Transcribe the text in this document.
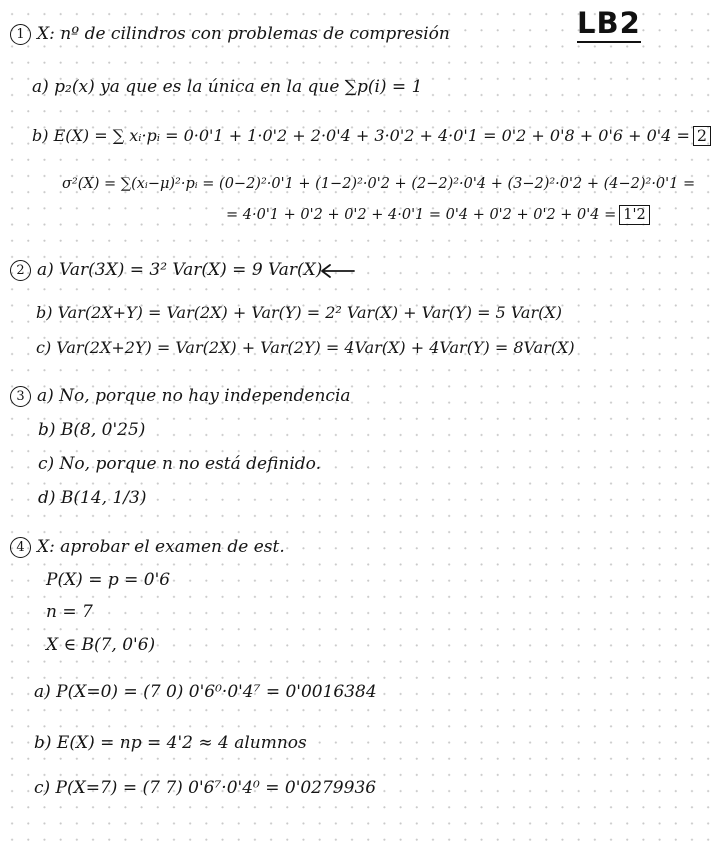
LB2
1 X: nº de cilindros con problemas de compresión
a) p₂(x) ya que es la única en la que ∑p(i) = 1
b) E(X) = ∑ xᵢ·pᵢ = 0·0'1 + 1·0'2 + 2·0'4 + 3·0'2 + 4·0'1 = 0'2 + 0'8 + 0'6 + 0'4 = 2
σ²(X) = ∑(xᵢ−μ)²·pᵢ = (0−2)²·0'1 + (1−2)²·0'2 + (2−2)²·0'4 + (3−2)²·0'2 + (4−2)²·0'1 =
= 4·0'1 + 0'2 + 0'2 + 4·0'1 = 0'4 + 0'2 + 0'2 + 0'4 = 1'2
2 a) Var(3X) = 3² Var(X) = 9 Var(X)
b) Var(2X+Y) = Var(2X) + Var(Y) = 2² Var(X) + Var(Y) = 5 Var(X)
c) Var(2X+2Y) = Var(2X) + Var(2Y) = 4Var(X) + 4Var(Y) = 8Var(X)
3 a) No, porque no hay independencia
b) B(8, 0'25)
c) No, porque n no está definido.
d) B(14, 1/3)
4 X: aprobar el examen de est.
P(X) = p = 0'6
n = 7
X ∈ B(7, 0'6)
a) P(X=0) = (7 0) 0'6⁰·0'4⁷ = 0'0016384
b) E(X) = np = 4'2 ≈ 4 alumnos
c) P(X=7) = (7 7) 0'6⁷·0'4⁰ = 0'0279936
